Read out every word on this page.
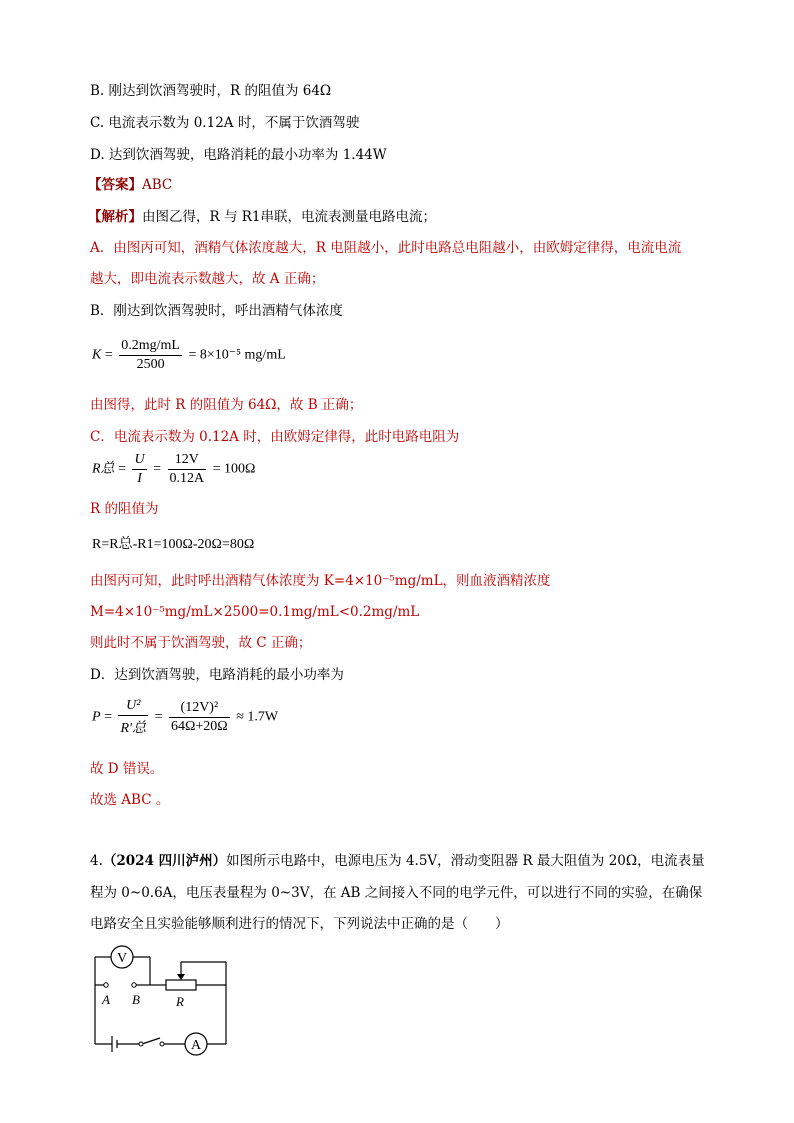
B. 刚达到饮酒驾驶时，R 的阻值为 64Ω
C. 电流表示数为 0.12A 时，不属于饮酒驾驶
D. 达到饮酒驾驶，电路消耗的最小功率为 1.44W
【答案】ABC
【解析】由图乙得，R 与 R1串联，电流表测量电路电流；
A．由图丙可知，酒精气体浓度越大，R 电阻越小，此时电路总电阻越小，由欧姆定律得，电流电流
越大，即电流表示数越大，故 A 正确；
B．刚达到饮酒驾驶时，呼出酒精气体浓度
$K = \frac{0.2mg/mL}{2500} = 8\times 10^{-5}$ mg/mL
由图得，此时 R 的阻值为 64Ω，故 B 正确；
C．电流表示数为 0.12A 时，由欧姆定律得，此时电路电阻为
R总 = $\frac{U}{I} = \frac{12V}{0.12A} = 100\Omega$
R 的阻值为
R=R总-R1=100Ω-20Ω=80Ω
由图丙可知，此时呼出酒精气体浓度为 K=4×10⁻⁵mg/mL，则血液酒精浓度
M=4×10⁻⁵mg/mL×2500=0.1mg/mL<0.2mg/mL
则此时不属于饮酒驾驶，故 C 正确；
D．达到饮酒驾驶，电路消耗的最小功率为
$P = \frac{\text{U²}}{\text{R′总}} = \frac{\text{(12V)²}}{64\Omega+20\Omega} \approx 1.7W$
故 D 错误。
故选 ABC 。
4.（2024 四川泸州）如图所示电路中，电源电压为 4.5V，滑动变阻器 R 最大阻值为 20Ω，电流表量
程为 0~0.6A，电压表量程为 0~3V，在 AB 之间接入不同的电学元件，可以进行不同的实验，在确保
电路安全且实验能够顺利进行的情况下，下列说法中正确的是（　　）
V
A
A B	R
